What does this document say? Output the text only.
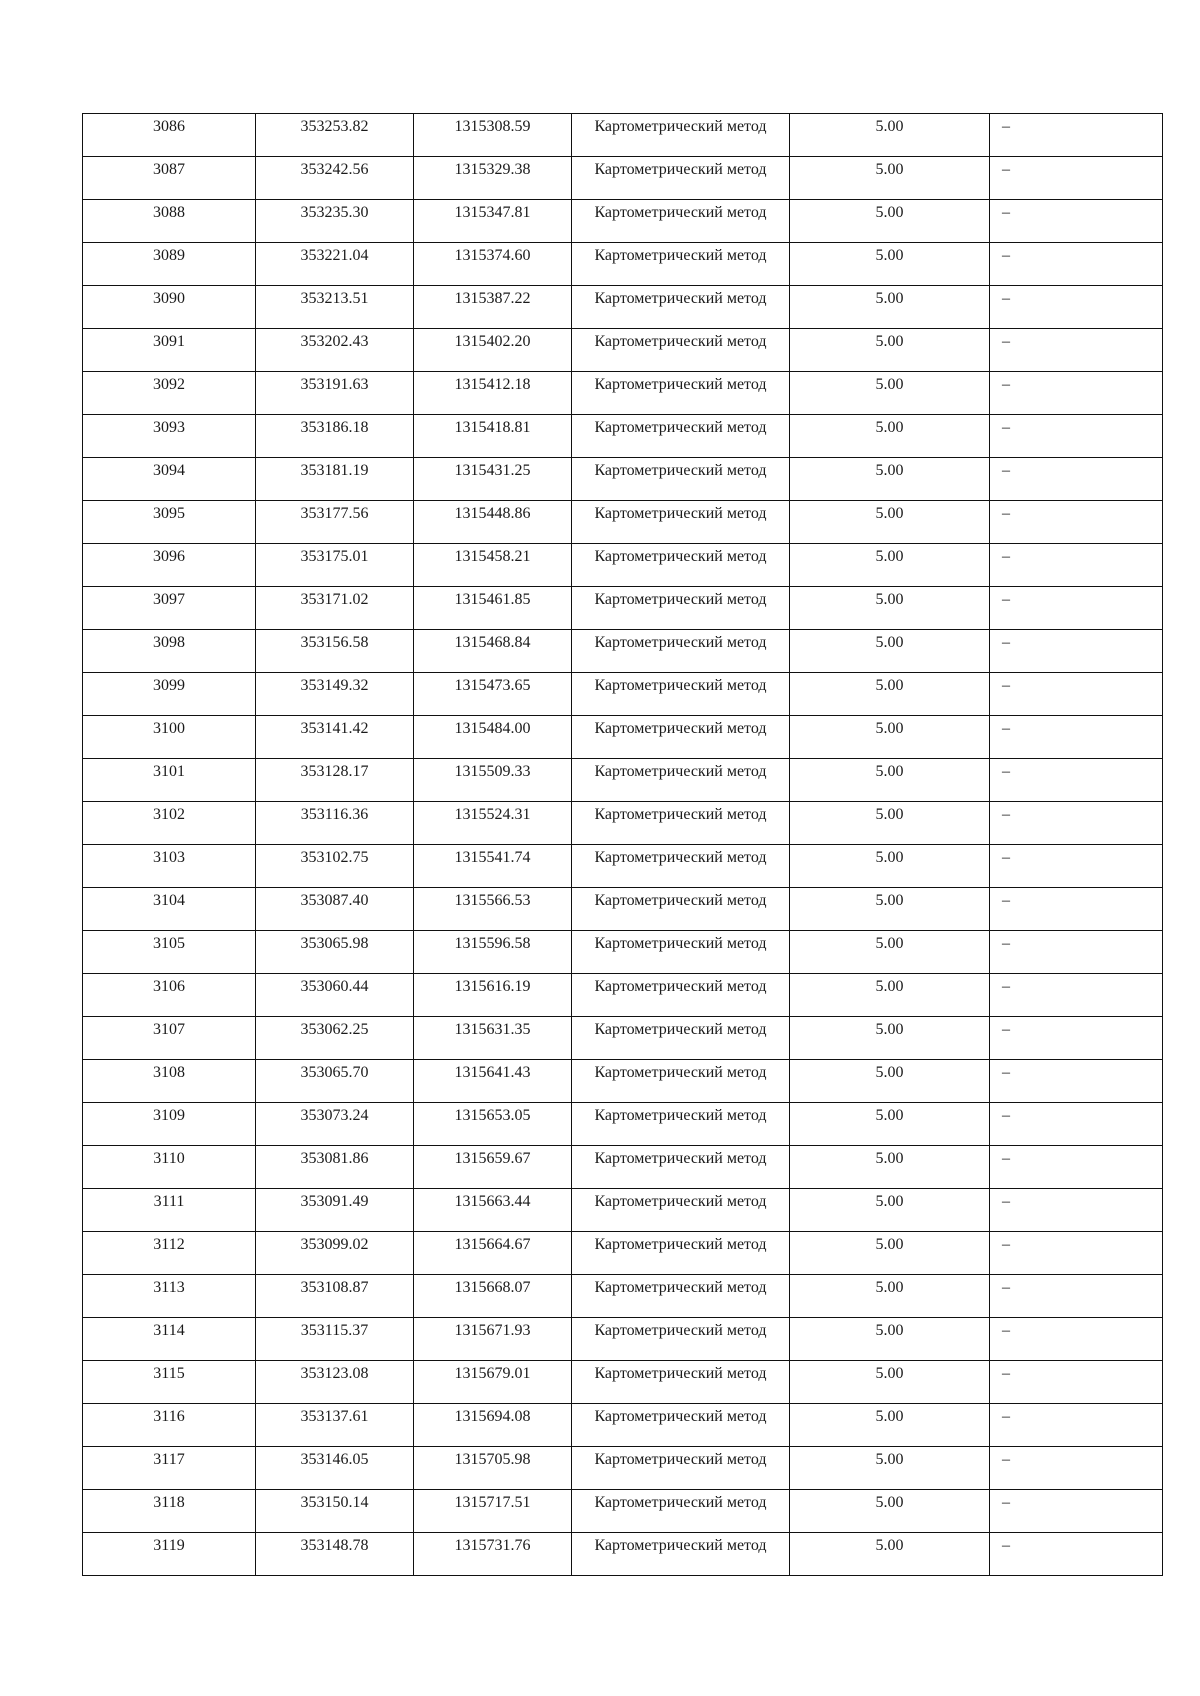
3086	353253.82	1315308.59	Картометрический метод	5.00	–

3087	353242.56	1315329.38	Картометрический метод	5.00	–

3088	353235.30	1315347.81	Картометрический метод	5.00	–

3089	353221.04	1315374.60	Картометрический метод	5.00	–

3090	353213.51	1315387.22	Картометрический метод	5.00	–

3091	353202.43	1315402.20	Картометрический метод	5.00	–

3092	353191.63	1315412.18	Картометрический метод	5.00	–

3093	353186.18	1315418.81	Картометрический метод	5.00	–

3094	353181.19	1315431.25	Картометрический метод	5.00	–

3095	353177.56	1315448.86	Картометрический метод	5.00	–

3096	353175.01	1315458.21	Картометрический метод	5.00	–

3097	353171.02	1315461.85	Картометрический метод	5.00	–

3098	353156.58	1315468.84	Картометрический метод	5.00	–

3099	353149.32	1315473.65	Картометрический метод	5.00	–

3100	353141.42	1315484.00	Картометрический метод	5.00	–

3101	353128.17	1315509.33	Картометрический метод	5.00	–

3102	353116.36	1315524.31	Картометрический метод	5.00	–

3103	353102.75	1315541.74	Картометрический метод	5.00	–

3104	353087.40	1315566.53	Картометрический метод	5.00	–

3105	353065.98	1315596.58	Картометрический метод	5.00	–

3106	353060.44	1315616.19	Картометрический метод	5.00	–

3107	353062.25	1315631.35	Картометрический метод	5.00	–

3108	353065.70	1315641.43	Картометрический метод	5.00	–

3109	353073.24	1315653.05	Картометрический метод	5.00	–

3110	353081.86	1315659.67	Картометрический метод	5.00	–

3111	353091.49	1315663.44	Картометрический метод	5.00	–

3112	353099.02	1315664.67	Картометрический метод	5.00	–

3113	353108.87	1315668.07	Картометрический метод	5.00	–

3114	353115.37	1315671.93	Картометрический метод	5.00	–

3115	353123.08	1315679.01	Картометрический метод	5.00	–

3116	353137.61	1315694.08	Картометрический метод	5.00	–

3117	353146.05	1315705.98	Картометрический метод	5.00	–

3118	353150.14	1315717.51	Картометрический метод	5.00	–

3119	353148.78	1315731.76	Картометрический метод	5.00	–
